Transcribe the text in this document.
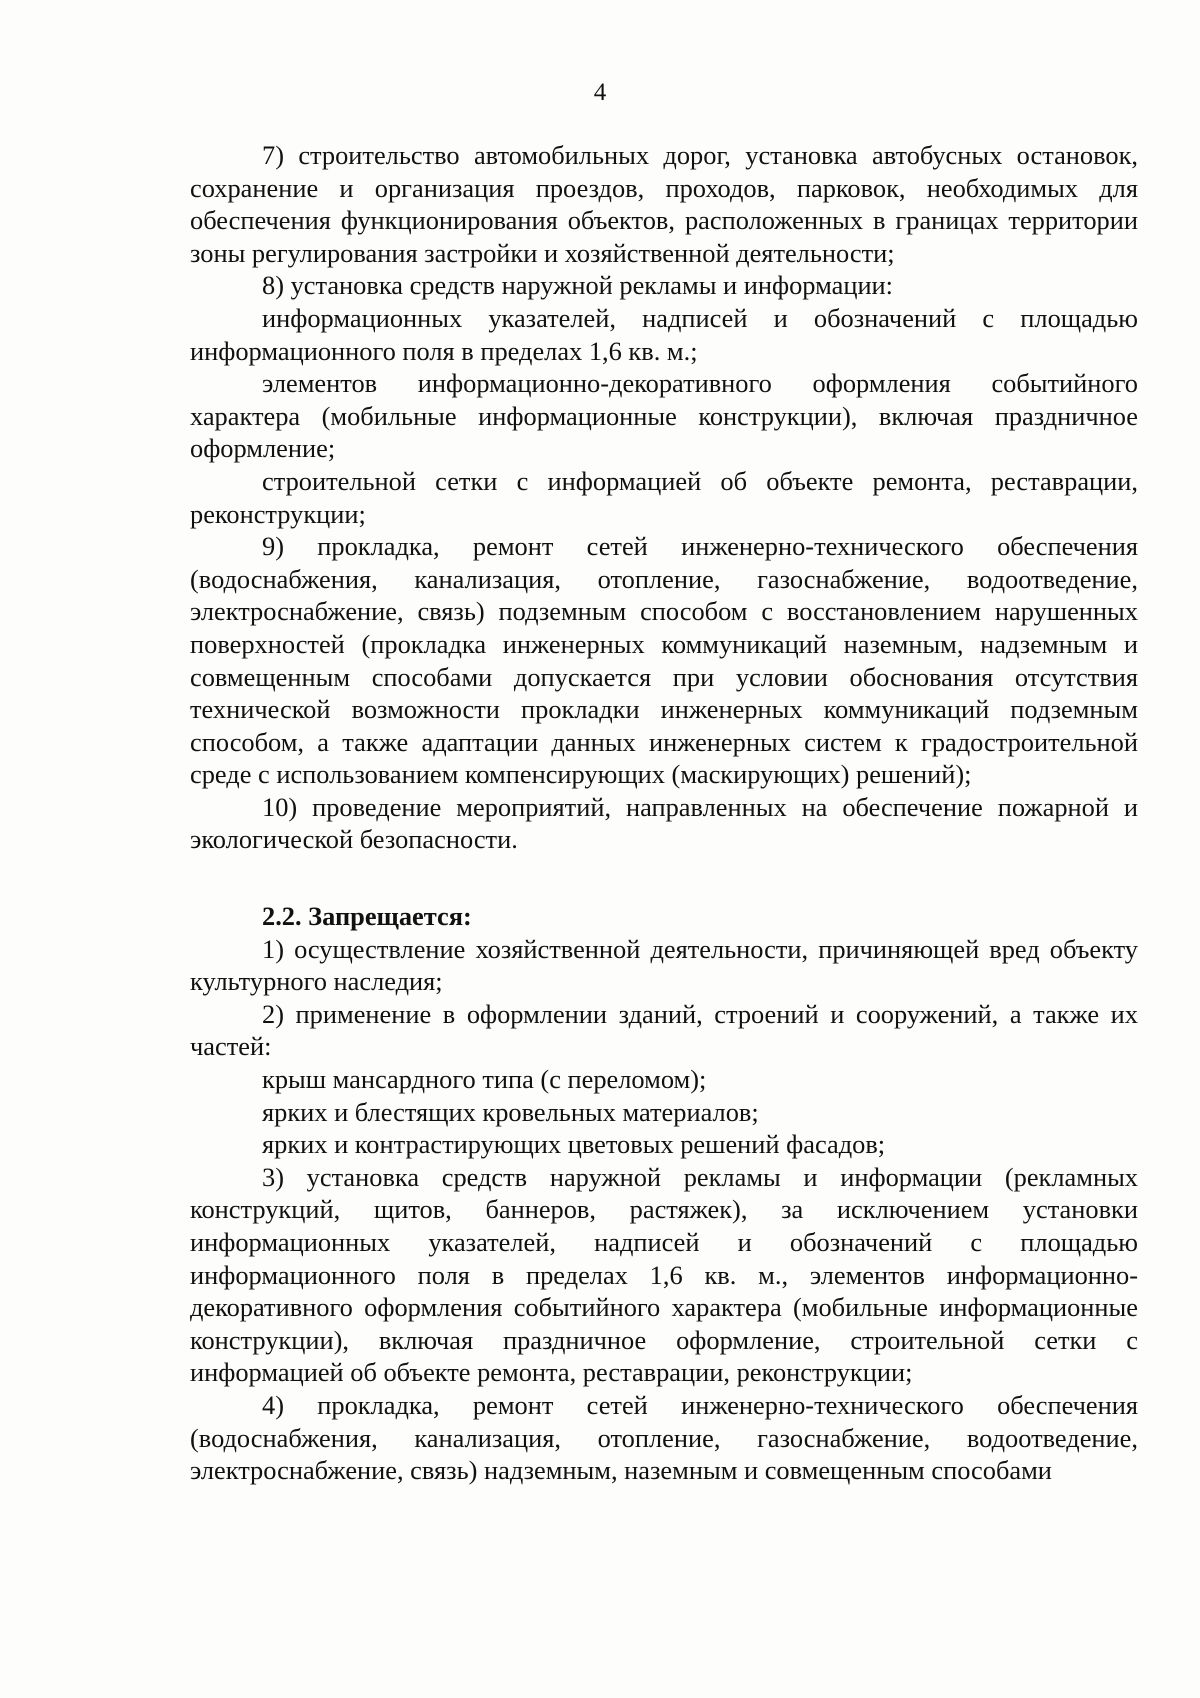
4

7) строительство автомобильных дорог, установка автобусных остановок, сохранение и организация проездов, проходов, парковок, необходимых для обеспечения функционирования объектов, расположенных в границах территории зоны регулирования застройки и хозяйственной деятельности;

8) установка средств наружной рекламы и информации:

информационных указателей, надписей и обозначений с площадью информационного поля в пределах 1,6 кв. м.;

элементов информационно-декоративного оформления событийного характера (мобильные информационные конструкции), включая праздничное оформление;

строительной сетки с информацией об объекте ремонта, реставрации, реконструкции;

9) прокладка, ремонт сетей инженерно-технического обеспечения (водоснабжения, канализация, отопление, газоснабжение, водоотведение, электроснабжение, связь) подземным способом с восстановлением нарушенных поверхностей (прокладка инженерных коммуникаций наземным, надземным и совмещенным способами допускается при условии обоснования отсутствия технической возможности прокладки инженерных коммуникаций подземным способом, а также адаптации данных инженерных систем к градостроительной среде с использованием компенсирующих (маскирующих) решений);

10) проведение мероприятий, направленных на обеспечение пожарной и экологической безопасности.

2.2. Запрещается:

1) осуществление хозяйственной деятельности, причиняющей вред объекту культурного наследия;

2) применение в оформлении зданий, строений и сооружений, а также их частей:

крыш мансардного типа (с переломом);

ярких и блестящих кровельных материалов;

ярких и контрастирующих цветовых решений фасадов;

3) установка средств наружной рекламы и информации (рекламных конструкций, щитов, баннеров, растяжек), за исключением установки информационных указателей, надписей и обозначений с площадью информационного поля в пределах 1,6 кв. м., элементов информационно-декоративного оформления событийного характера (мобильные информационные конструкции), включая праздничное оформление, строительной сетки с информацией об объекте ремонта, реставрации, реконструкции;

4) прокладка, ремонт сетей инженерно-технического обеспечения (водоснабжения, канализация, отопление, газоснабжение, водоотведение, электроснабжение, связь) надземным, наземным и совмещенным способами
